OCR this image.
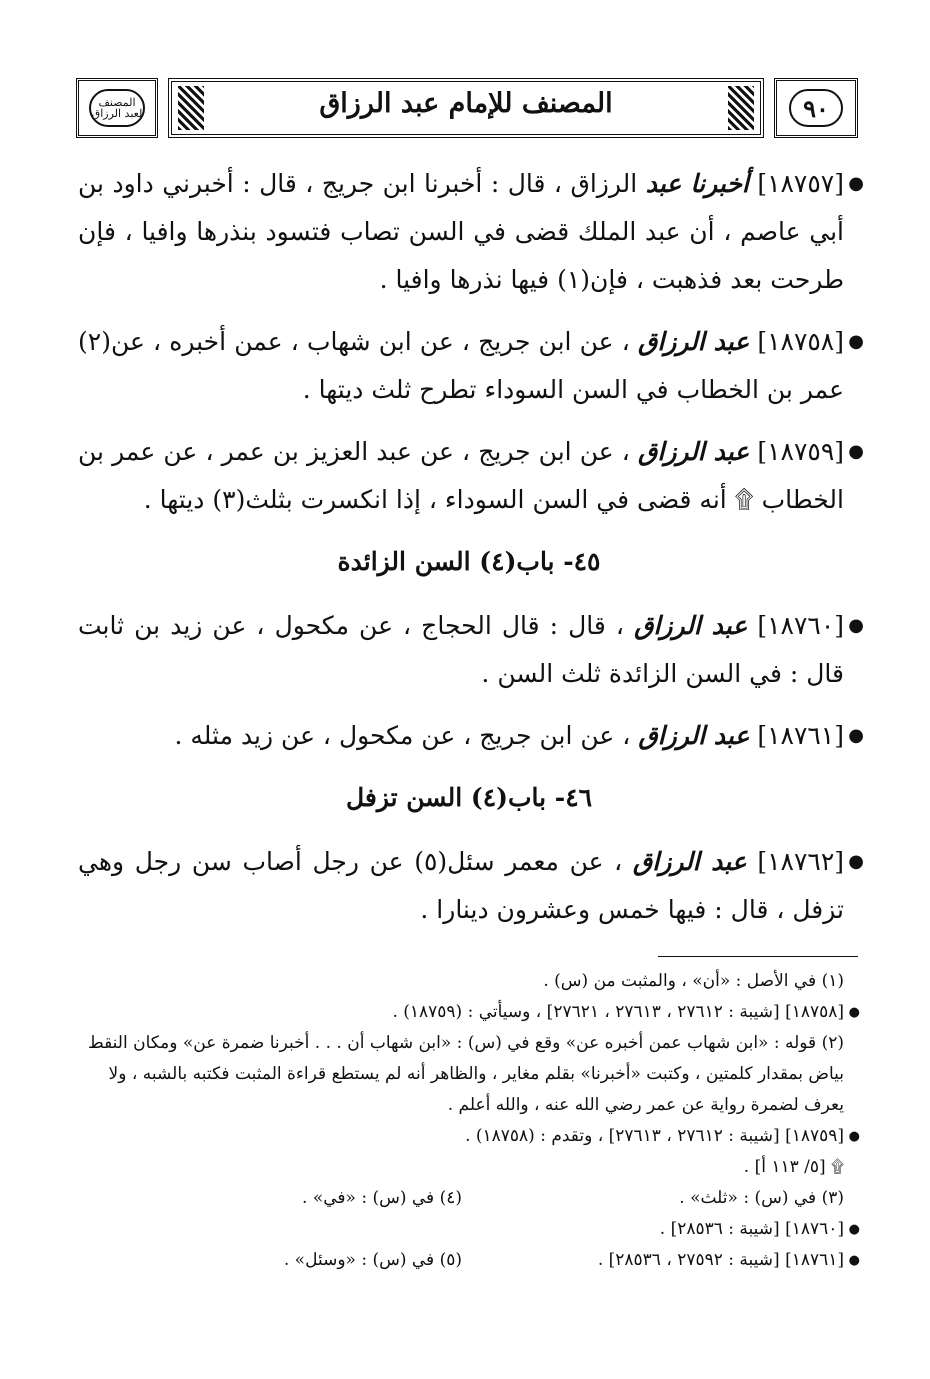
المصنف لعبد الرزاق	المصنف للإمام عبد الرزاق	٩٠

●
[١٨٧٥٧] أخبرنا عبد الرزاق ، قال : أخبرنا ابن جريج ، قال : أخبرني داود بن أبي عاصم ، أن عبد الملك قضى في السن تصاب فتسود بنذرها وافيا ، فإن طرحت بعد فذهبت ، فإن(١) فيها نذرها وافيا .

●
[١٨٧٥٨] عبد الرزاق ، عن ابن جريج ، عن ابن شهاب ، عمن أخبره ، عن(٢) عمر بن الخطاب في السن السوداء تطرح ثلث ديتها .

●
[١٨٧٥٩] عبد الرزاق ، عن ابن جريج ، عن عبد العزيز بن عمر ، عن عمر بن الخطاب ۩ أنه قضى في السن السوداء ، إذا انكسرت بثلث(٣) ديتها .

٤٥- باب(٤) السن الزائدة

●
[١٨٧٦٠] عبد الرزاق ، قال : قال الحجاج ، عن مكحول ، عن زيد بن ثابت قال : في السن الزائدة ثلث السن .

●
[١٨٧٦١] عبد الرزاق ، عن ابن جريج ، عن مكحول ، عن زيد مثله .

٤٦- باب(٤) السن تزفل

●
[١٨٧٦٢] عبد الرزاق ، عن معمر سئل(٥) عن رجل أصاب سن رجل وهي تزفل ، قال : فيها خمس وعشرون دينارا .

(١) في الأصل : «أن» ، والمثبت من (س) .

●
[١٨٧٥٨] [شيبة : ٢٧٦١٢ ، ٢٧٦١٣ ، ٢٧٦٢١] ، وسيأتي : (١٨٧٥٩) .

(٢) قوله : «ابن شهاب عمن أخبره عن» وقع في (س) : «ابن شهاب أن . . . أخبرنا ضمرة عن» ومكان النقط بياض بمقدار كلمتين ، وكتبت «أخبرنا» بقلم مغاير ، والظاهر أنه لم يستطع قراءة المثبت فكتبه بالشبه ، ولا يعرف لضمرة رواية عن عمر رضي الله عنه ، والله أعلم .

●
[١٨٧٥٩] [شيبة : ٢٧٦١٢ ، ٢٧٦١٣] ، وتقدم : (١٨٧٥٨) .

۩ [٥/ ١١٣ أ] .

(٣) في (س) : «ثلث» .
(٤) في (س) : «في» .

●
[١٨٧٦٠] [شيبة : ٢٨٥٣٦] .

●
[١٨٧٦١] [شيبة : ٢٧٥٩٢ ، ٢٨٥٣٦] .
(٥) في (س) : «وسئل» .
